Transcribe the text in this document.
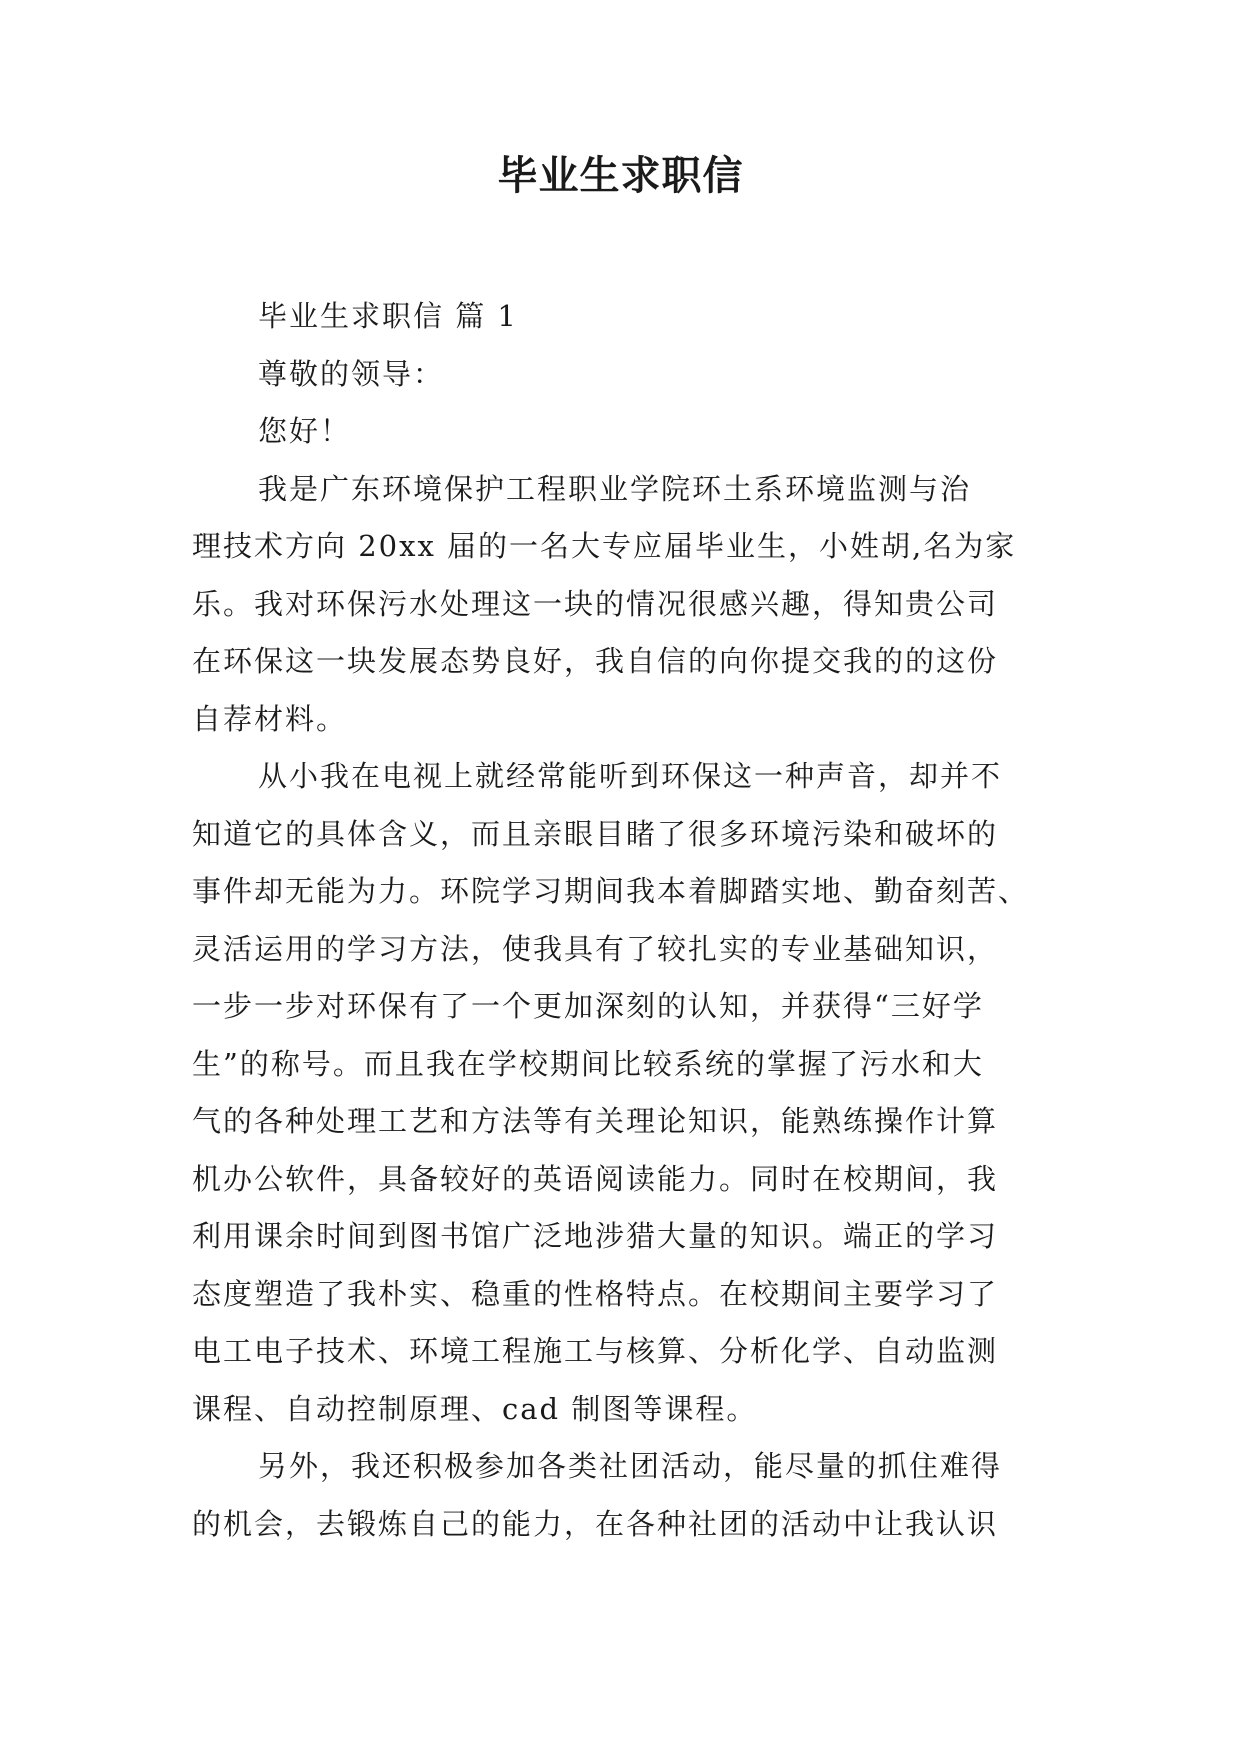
毕业生求职信

毕业生求职信 篇 1

尊敬的领导：

您好！

我是广东环境保护工程职业学院环土系环境监测与治

理技术方向 20xx 届的一名大专应届毕业生，小姓胡,名为家

乐。我对环保污水处理这一块的情况很感兴趣，得知贵公司

在环保这一块发展态势良好，我自信的向你提交我的的这份

自荐材料。

从小我在电视上就经常能听到环保这一种声音，却并不

知道它的具体含义，而且亲眼目睹了很多环境污染和破坏的

事件却无能为力。环院学习期间我本着脚踏实地、勤奋刻苦、

灵活运用的学习方法，使我具有了较扎实的专业基础知识，

一步一步对环保有了一个更加深刻的认知，并获得“三好学

生”的称号。而且我在学校期间比较系统的掌握了污水和大

气的各种处理工艺和方法等有关理论知识，能熟练操作计算

机办公软件，具备较好的英语阅读能力。同时在校期间，我

利用课余时间到图书馆广泛地涉猎大量的知识。端正的学习

态度塑造了我朴实、稳重的性格特点。在校期间主要学习了

电工电子技术、环境工程施工与核算、分析化学、自动监测

课程、自动控制原理、cad 制图等课程。

另外，我还积极参加各类社团活动，能尽量的抓住难得

的机会，去锻炼自己的能力，在各种社团的活动中让我认识
